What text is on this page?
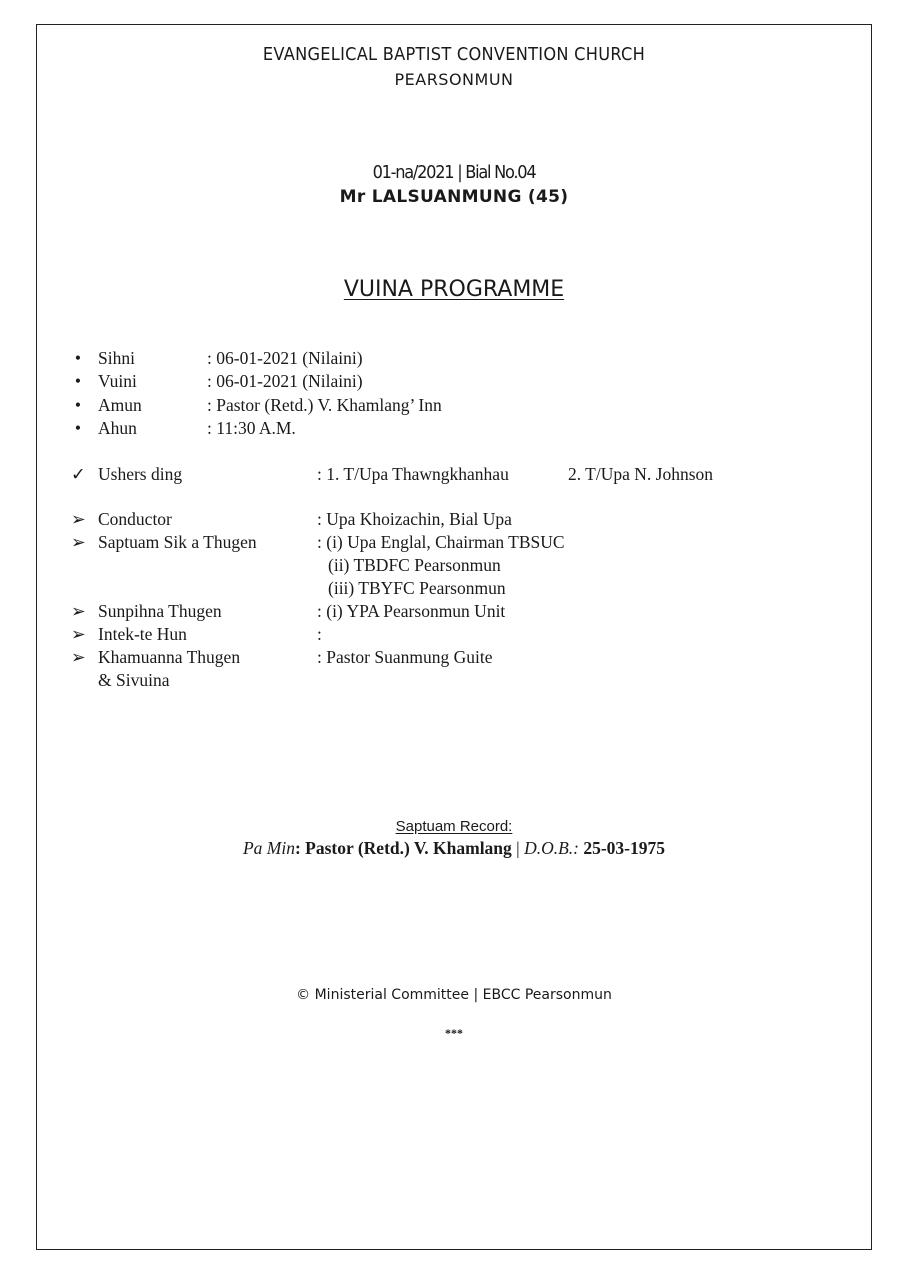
EVANGELICAL BAPTIST CONVENTION CHURCH
PEARSONMUN
01-na/2021 | Bial No.04
Mr LALSUANMUNG (45)
VUINA PROGRAMME
• Sihni	: 06-01-2021 (Nilaini)
• Vuini	: 06-01-2021 (Nilaini)
• Amun	: Pastor (Retd.) V. Khamlang’ Inn
• Ahun	: 11:30 A.M.
✓ Ushers ding	: 1. T/Upa Thawngkhanhau	2. T/Upa N. Johnson
➢ Conductor	: Upa Khoizachin, Bial Upa
➢ Saptuam Sik a Thugen	: (i) Upa Englal, Chairman TBSUC
(ii) TBDFC Pearsonmun
(iii) TBYFC Pearsonmun
➢ Sunpihna Thugen	: (i) YPA Pearsonmun Unit
➢ Intek-te Hun	:
➢ Khamuanna Thugen	: Pastor Suanmung Guite
& Sivuina
Saptuam Record:
Pa Min: Pastor (Retd.) V. Khamlang | D.O.B.: 25-03-1975
© Ministerial Committee | EBCC Pearsonmun
***
